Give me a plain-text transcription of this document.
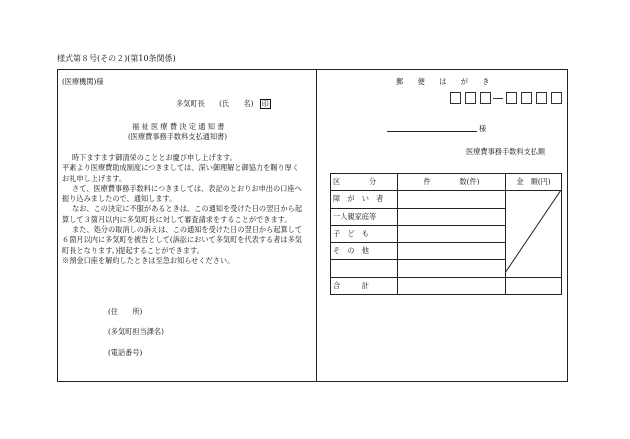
様式第８号(その２)(第10条関係)
(医療機関)様
多気町長　　(氏　　名) 印
福 祉 医 療 費 決 定 通 知 書
(医療費事務手数料支払通知書)

時下ますます御清栄のこととお慶び申し上げます。

平素より医療費助成制度につきましては、深い御理解と御協力を賜り厚くお礼申し上げます。

さて、医療費事務手数料につきましては、表記のとおりお申出の口座へ振り込みましたので、通知します。

なお、この決定に不服があるときは、この通知を受けた日の翌日から起算して３箇月以内に多気町長に対して審査請求をすることができます。

また、処分の取消しの訴えは、この通知を受けた日の翌日から起算して６箇月以内に多気町を被告として(訴訟において多気町を代表する者は多気町長となります。)提起することができます。

※預金口座を解約したときは至急お知らせください。

(住　　所)
(多気町担当課名)
(電話番号)
郵　　便　　は　　が　　き
様
医療費事務手数料支払額
区　　　　分	件　　　　数(件)	金　額(円)
障　が　い　者		
一人親家庭等		
子　ど　も		
そ　の　他		

合　　　計		
